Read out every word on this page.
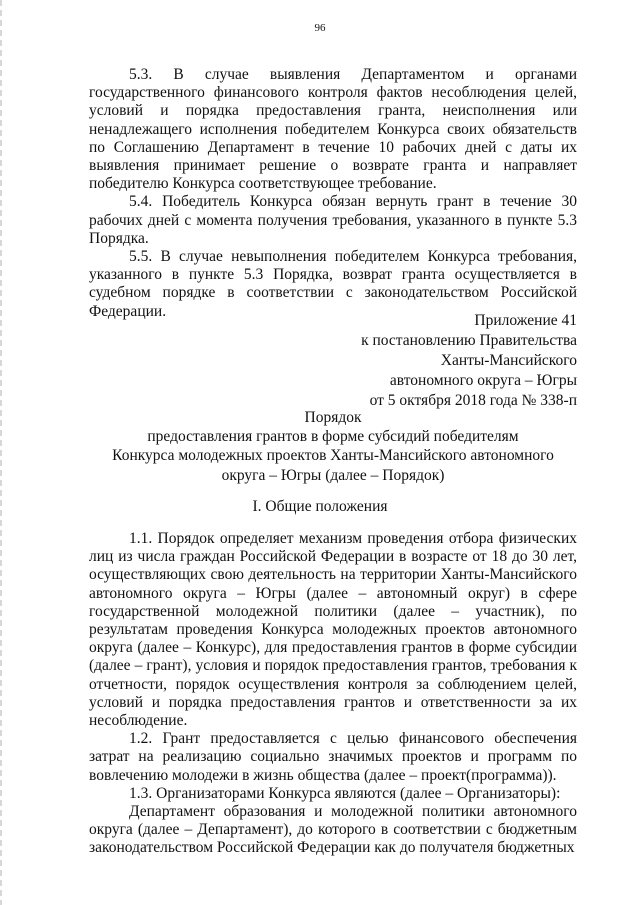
96

5.3. В случае выявления Департаментом и органами государственного финансового контроля фактов несоблюдения целей, условий и порядка предоставления гранта, неисполнения или ненадлежащего исполнения победителем Конкурса своих обязательств по Соглашению Департамент в течение 10 рабочих дней с даты их выявления принимает решение о возврате гранта и направляет победителю Конкурса соответствующее требование.

5.4. Победитель Конкурса обязан вернуть грант в течение 30 рабочих дней с момента получения требования, указанного в пункте 5.3 Порядка.

5.5. В случае невыполнения победителем Конкурса требования, указанного в пункте 5.3 Порядка, возврат гранта осуществляется в судебном порядке в соответствии с законодательством Российской Федерации.

Приложение 41
к постановлению Правительства
Ханты-Мансийского
автономного округа – Югры
от 5 октября 2018 года № 338-п
Порядок
предоставления грантов в форме субсидий победителям
Конкурса молодежных проектов Ханты-Мансийского автономного
округа – Югры (далее – Порядок)
I. Общие положения

1.1. Порядок определяет механизм проведения отбора физических лиц из числа граждан Российской Федерации в возрасте от 18 до 30 лет, осуществляющих свою деятельность на территории Ханты-Мансийского автономного округа – Югры (далее – автономный округ) в сфере государственной молодежной политики (далее – участник), по результатам проведения Конкурса молодежных проектов автономного округа (далее – Конкурс), для предоставления грантов в форме субсидии (далее – грант), условия и порядок предоставления грантов, требования к отчетности, порядок осуществления контроля за соблюдением целей, условий и порядка предоставления грантов и ответственности за их несоблюдение.

1.2. Грант предоставляется с целью финансового обеспечения затрат на реализацию социально значимых проектов и программ по вовлечению молодежи в жизнь общества (далее – проект(программа)).

1.3. Организаторами Конкурса являются (далее – Организаторы):

Департамент образования и молодежной политики автономного округа (далее – Департамент), до которого в соответствии с бюджетным законодательством Российской Федерации как до получателя бюджетных
